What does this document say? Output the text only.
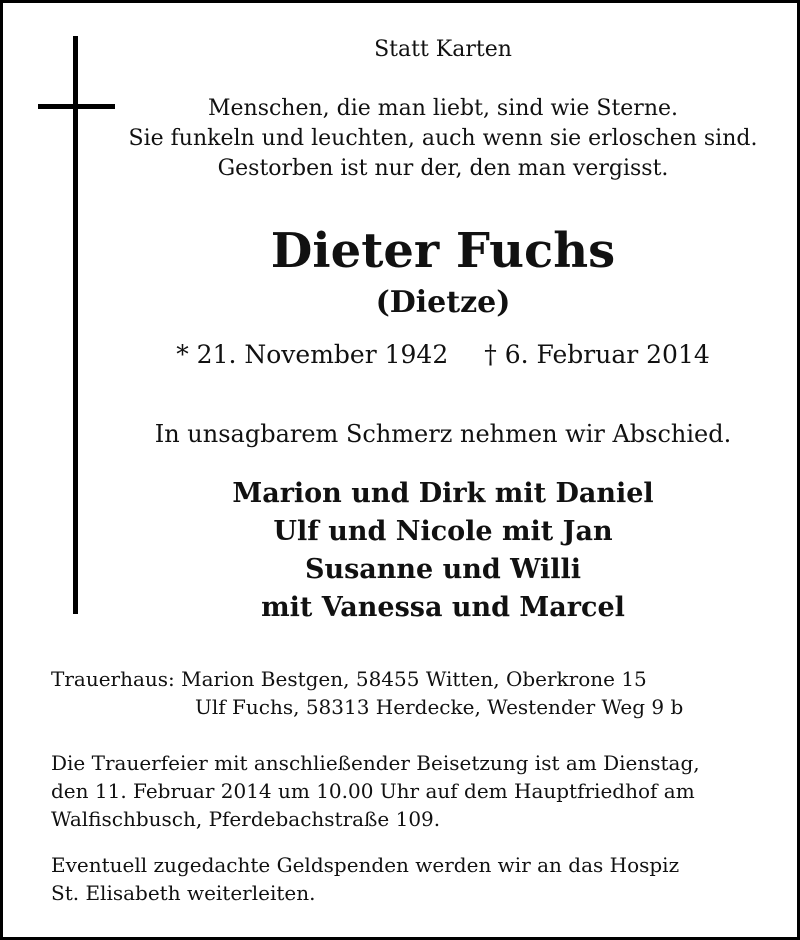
Statt Karten
Menschen, die man liebt, sind wie Sterne.
Sie funkeln und leuchten, auch wenn sie erloschen sind.
Gestorben ist nur der, den man vergisst.
Dieter Fuchs
(Dietze)
* 21. November 1942 † 6. Februar 2014
In unsagbarem Schmerz nehmen wir Abschied.
Marion und Dirk mit Daniel
Ulf und Nicole mit Jan
Susanne und Willi
mit Vanessa und Marcel
Trauerhaus: Marion Bestgen, 58455 Witten, Oberkrone 15
Ulf Fuchs, 58313 Herdecke, Westender Weg 9 b
Die Trauerfeier mit anschließender Beisetzung ist am Dienstag,
den 11. Februar 2014 um 10.00 Uhr auf dem Hauptfriedhof am
Walfischbusch, Pferdebachstraße 109.
Eventuell zugedachte Geldspenden werden wir an das Hospiz
St. Elisabeth weiterleiten.
